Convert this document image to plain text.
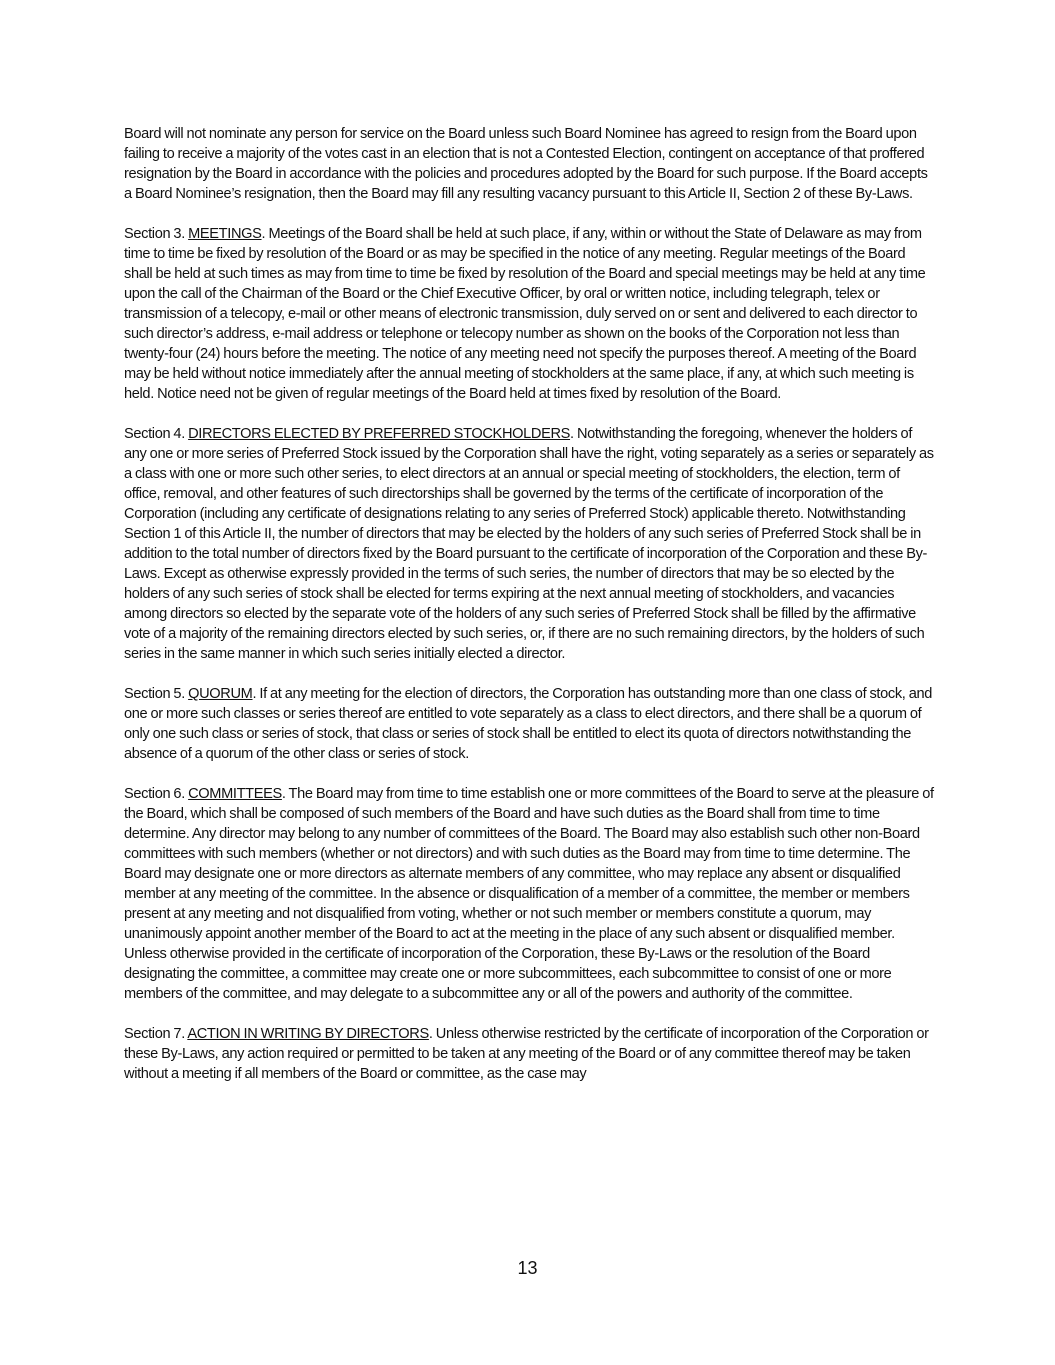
Board will not nominate any person for service on the Board unless such Board Nominee has agreed to resign from the Board upon failing to receive a majority of the votes cast in an election that is not a Contested Election, contingent on acceptance of that proffered resignation by the Board in accordance with the policies and procedures adopted by the Board for such purpose. If the Board accepts a Board Nominee’s resignation, then the Board may fill any resulting vacancy pursuant to this Article II, Section 2 of these By-Laws.

Section 3. MEETINGS. Meetings of the Board shall be held at such place, if any, within or without the State of Delaware as may from time to time be fixed by resolution of the Board or as may be specified in the notice of any meeting. Regular meetings of the Board shall be held at such times as may from time to time be fixed by resolution of the Board and special meetings may be held at any time upon the call of the Chairman of the Board or the Chief Executive Officer, by oral or written notice, including telegraph, telex or transmission of a telecopy, e-mail or other means of electronic transmission, duly served on or sent and delivered to each director to such director’s address, e-mail address or telephone or telecopy number as shown on the books of the Corporation not less than twenty-four (24) hours before the meeting. The notice of any meeting need not specify the purposes thereof. A meeting of the Board may be held without notice immediately after the annual meeting of stockholders at the same place, if any, at which such meeting is held. Notice need not be given of regular meetings of the Board held at times fixed by resolution of the Board.

Section 4. DIRECTORS ELECTED BY PREFERRED STOCKHOLDERS. Notwithstanding the foregoing, whenever the holders of any one or more series of Preferred Stock issued by the Corporation shall have the right, voting separately as a series or separately as a class with one or more such other series, to elect directors at an annual or special meeting of stockholders, the election, term of office, removal, and other features of such directorships shall be governed by the terms of the certificate of incorporation of the Corporation (including any certificate of designations relating to any series of Preferred Stock) applicable thereto. Notwithstanding Section 1 of this Article II, the number of directors that may be elected by the holders of any such series of Preferred Stock shall be in addition to the total number of directors fixed by the Board pursuant to the certificate of incorporation of the Corporation and these By-Laws. Except as otherwise expressly provided in the terms of such series, the number of directors that may be so elected by the holders of any such series of stock shall be elected for terms expiring at the next annual meeting of stockholders, and vacancies among directors so elected by the separate vote of the holders of any such series of Preferred Stock shall be filled by the affirmative vote of a majority of the remaining directors elected by such series, or, if there are no such remaining directors, by the holders of such series in the same manner in which such series initially elected a director.

Section 5. QUORUM. If at any meeting for the election of directors, the Corporation has outstanding more than one class of stock, and one or more such classes or series thereof are entitled to vote separately as a class to elect directors, and there shall be a quorum of only one such class or series of stock, that class or series of stock shall be entitled to elect its quota of directors notwithstanding the absence of a quorum of the other class or series of stock.

Section 6. COMMITTEES. The Board may from time to time establish one or more committees of the Board to serve at the pleasure of the Board, which shall be composed of such members of the Board and have such duties as the Board shall from time to time determine. Any director may belong to any number of committees of the Board. The Board may also establish such other non-Board committees with such members (whether or not directors) and with such duties as the Board may from time to time determine. The Board may designate one or more directors as alternate members of any committee, who may replace any absent or disqualified member at any meeting of the committee. In the absence or disqualification of a member of a committee, the member or members present at any meeting and not disqualified from voting, whether or not such member or members constitute a quorum, may unanimously appoint another member of the Board to act at the meeting in the place of any such absent or disqualified member. Unless otherwise provided in the certificate of incorporation of the Corporation, these By-Laws or the resolution of the Board designating the committee, a committee may create one or more subcommittees, each subcommittee to consist of one or more members of the committee, and may delegate to a subcommittee any or all of the powers and authority of the committee.

Section 7. ACTION IN WRITING BY DIRECTORS. Unless otherwise restricted by the certificate of incorporation of the Corporation or these By-Laws, any action required or permitted to be taken at any meeting of the Board or of any committee thereof may be taken without a meeting if all members of the Board or committee, as the case may

13
